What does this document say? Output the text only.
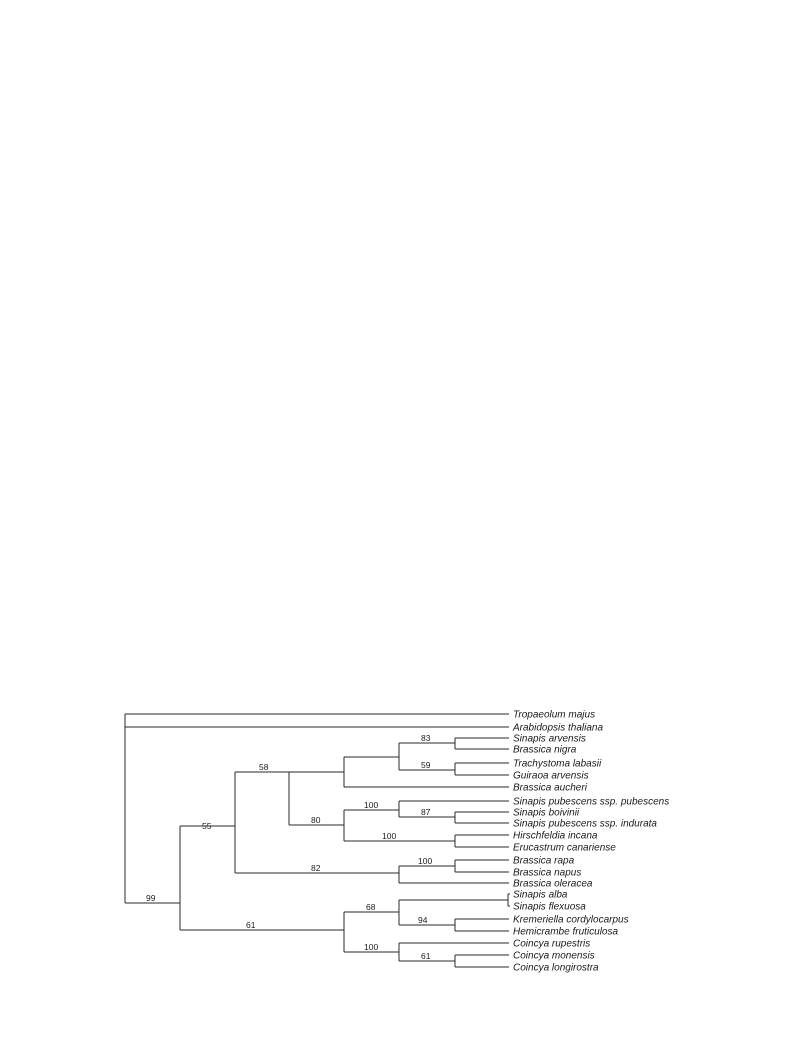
Tropaeolum majus
Arabidopsis thaliana
Sinapis arvensis
Brassica nigra
Trachystoma labasii
Guiraoa arvensis
Brassica aucheri
Sinapis pubescens ssp. pubescens
Sinapis boivinii
Sinapis pubescens ssp. indurata
Hirschfeldia incana
Erucastrum canariense
Brassica rapa
Brassica napus
Brassica oleracea
Sinapis alba
Sinapis flexuosa
Kremeriella cordylocarpus
Hemicrambe fruticulosa
Coincya rupestris
Coincya monensis
Coincya longirostra
83
59
58
100
87
80
100
55
100
82
99
68
94
61
100
61
